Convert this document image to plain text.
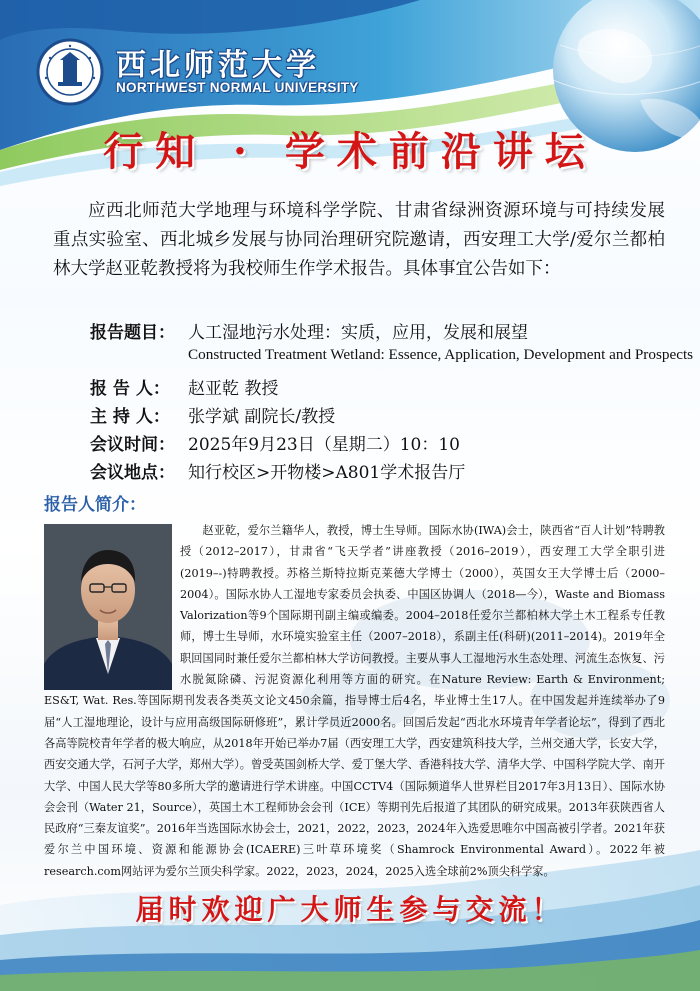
西北师范大学
NORTHWEST NORMAL UNIVERSITY
行知 · 学术前沿讲坛
应西北师范大学地理与环境科学学院、甘肃省绿洲资源环境与可持续发展重点实验室、西北城乡发展与协同治理研究院邀请，西安理工大学/爱尔兰都柏林大学赵亚乾教授将为我校师生作学术报告。具体事宜公告如下：
报告题目： 人工湿地污水处理：实质，应用，发展和展望
Constructed Treatment Wetland: Essence, Application, Development and Prospects
报 告 人：	赵亚乾 教授
主 持 人：	张学斌 副院长/教授
会议时间： 2025年9月23日（星期二）10：10
会议地点： 知行校区>开物楼>A801学术报告厅
报告人简介：

赵亚乾，爱尔兰籍华人，教授，博士生导师。国际水协(IWA)会士，陕西省“百人计划”特聘教授（2012–2017），甘肃省“飞天学者”讲座教授（2016–2019），西安理工大学全职引进(2019–-)特聘教授。苏格兰斯特拉斯克莱德大学博士（2000），英国女王大学博士后（2000–2004）。国际水协人工湿地专家委员会执委、中国区协调人（2018—今），Waste and Biomass Valorization等9个国际期刊副主编或编委。2004–2018任爱尔兰都柏林大学土木工程系专任教师，博士生导师，水环境实验室主任（2007–2018），系副主任(科研)(2011–2014)。2019年全职回国同时兼任爱尔兰都柏林大学访问教授。主要从事人工湿地污水生态处理、河流生态恢复、污水脱氮除磷、污泥资源化利用等方面的研究。在Nature Review: Earth & Environment; ES&T, Wat. Res.等国际期刊发表各类英文论文450余篇，指导博士后4名，毕业博士生17人。在中国发起并连续举办了9届“人工湿地理论，设计与应用高级国际研修班”，累计学员近2000名。回国后发起“西北水环境青年学者论坛”，得到了西北各高等院校青年学者的极大响应，从2018年开始已举办7届（西安理工大学，西安建筑科技大学，兰州交通大学，长安大学，西安交通大学，石河子大学，郑州大学）。曾受英国剑桥大学、爱丁堡大学、香港科技大学、清华大学、中国科学院大学、南开大学、中国人民大学等80多所大学的邀请进行学术讲座。中国CCTV4（国际频道华人世界栏目2017年3月13日）、国际水协会会刊（Water 21，Source），英国土木工程师协会会刊（ICE）等期刊先后报道了其团队的研究成果。2013年获陕西省人民政府“三秦友谊奖”。2016年当选国际水协会士，2021，2022，2023，2024年入选爱思唯尔中国高被引学者。2021年获爱尔兰中国环境、资源和能源协会(ICAERE)三叶草环境奖（Shamrock Environmental Award）。2022年被research.com网站评为爱尔兰顶尖科学家。2022，2023，2024，2025入选全球前2%顶尖科学家。

届时欢迎广大师生参与交流！
